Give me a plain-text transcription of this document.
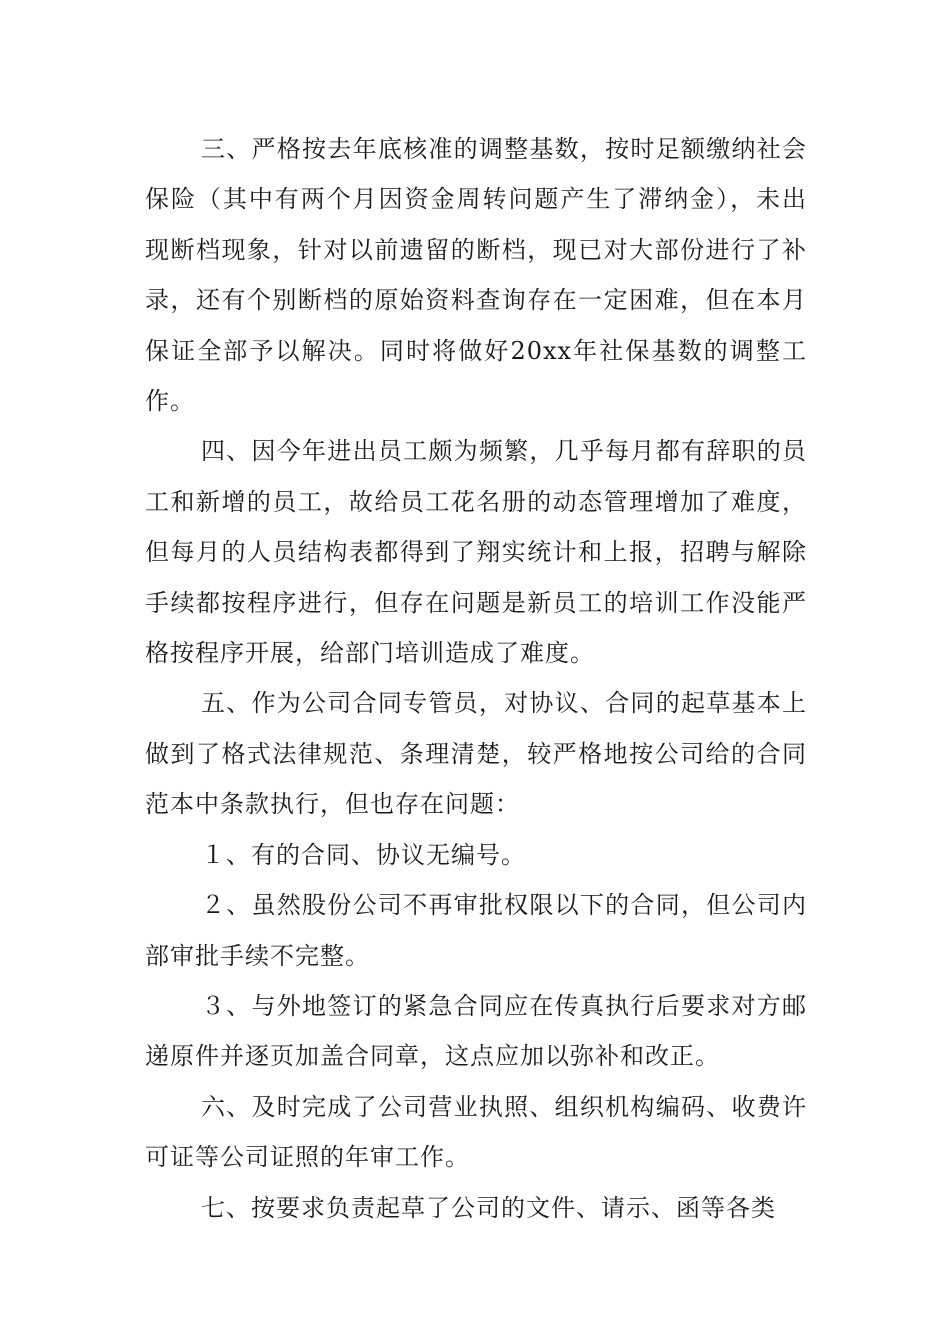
三、严格按去年底核准的调整基数，按时足额缴纳社会保险（其中有两个月因资金周转问题产生了滞纳金），未出现断档现象，针对以前遗留的断档，现已对大部份进行了补录，还有个别断档的原始资料查询存在一定困难，但在本月保证全部予以解决。同时将做好20xx年社保基数的调整工作。

四、因今年进出员工颇为频繁，几乎每月都有辞职的员工和新增的员工，故给员工花名册的动态管理增加了难度，但每月的人员结构表都得到了翔实统计和上报，招聘与解除手续都按程序进行，但存在问题是新员工的培训工作没能严格按程序开展，给部门培训造成了难度。

五、作为公司合同专管员，对协议、合同的起草基本上做到了格式法律规范、条理清楚，较严格地按公司给的合同范本中条款执行，但也存在问题：

１、有的合同、协议无编号。

２、虽然股份公司不再审批权限以下的合同，但公司内部审批手续不完整。

３、与外地签订的紧急合同应在传真执行后要求对方邮递原件并逐页加盖合同章，这点应加以弥补和改正。

六、及时完成了公司营业执照、组织机构编码、收费许可证等公司证照的年审工作。

七、按要求负责起草了公司的文件、请示、函等各类
